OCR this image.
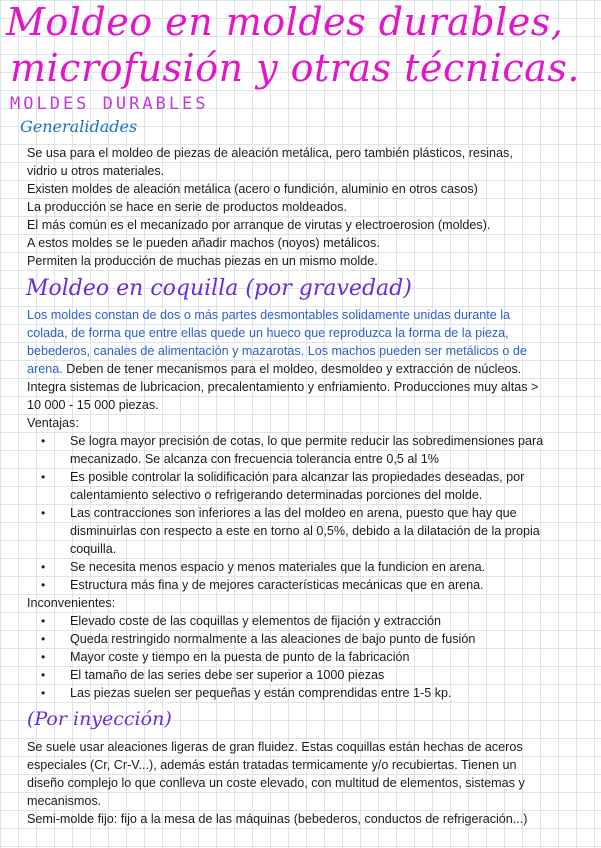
Moldeo en moldes durables,
microfusión y otras técnicas.
MOLDES DURABLES
Generalidades
Se usa para el moldeo de piezas de aleación metálica, pero también plásticos, resinas,
vidrio u otros materiales.
Existen moldes de aleación metálica (acero o fundición, aluminio en otros casos)
La producción se hace en serie de productos moldeados.
El más común es el mecanizado por arranque de virutas y electroerosion (moldes).
A estos moldes se le pueden añadir machos (noyos) metálicos.
Permiten la producción de muchas piezas en un mismo molde.
Moldeo en coquilla (por gravedad)
Los moldes constan de dos o más partes desmontables solidamente unidas durante la
colada, de forma que entre ellas quede un hueco que reproduzca la forma de la pieza,
bebederos, canales de alimentación y mazarotas. Los machos pueden ser metálicos o de
arena. Deben de tener mecanismos para el moldeo, desmoldeo y extracción de núcleos.
Integra sistemas de lubricacion, precalentamiento y enfriamiento. Producciones muy altas >
10 000 - 15 000 piezas.
Ventajas:
• Se logra mayor precisión de cotas, lo que permite reducir las sobredimensiones para
mecanizado. Se alcanza con frecuencia tolerancia entre 0,5 al 1%
• Es posible controlar la solidificación para alcanzar las propiedades deseadas, por
calentamiento selectivo o refrigerando determinadas porciones del molde.
• Las contracciones son inferiores a las del moldeo en arena, puesto que hay que
disminuirlas con respecto a este en torno al 0,5%, debido a la dilatación de la propia
coquilla.
• Se necesita menos espacio y menos materiales que la fundicion en arena.
• Estructura más fina y de mejores características mecánicas que en arena.
Inconvenientes:
• Elevado coste de las coquillas y elementos de fijación y extracción
• Queda restringido normalmente a las aleaciones de bajo punto de fusión
• Mayor coste y tiempo en la puesta de punto de la fabricación
• El tamaño de las series debe ser superior a 1000 piezas
• Las piezas suelen ser pequeñas y están comprendidas entre 1-5 kp.
(Por inyección)
Se suele usar aleaciones ligeras de gran fluidez. Estas coquillas están hechas de aceros
especiales (Cr, Cr-V...), además están tratadas termicamente y/o recubiertas. Tienen un
diseño complejo lo que conlleva un coste elevado, con multitud de elementos, sistemas y
mecanismos.
Semi-molde fijo: fijo a la mesa de las máquinas (bebederos, conductos de refrigeración...)
